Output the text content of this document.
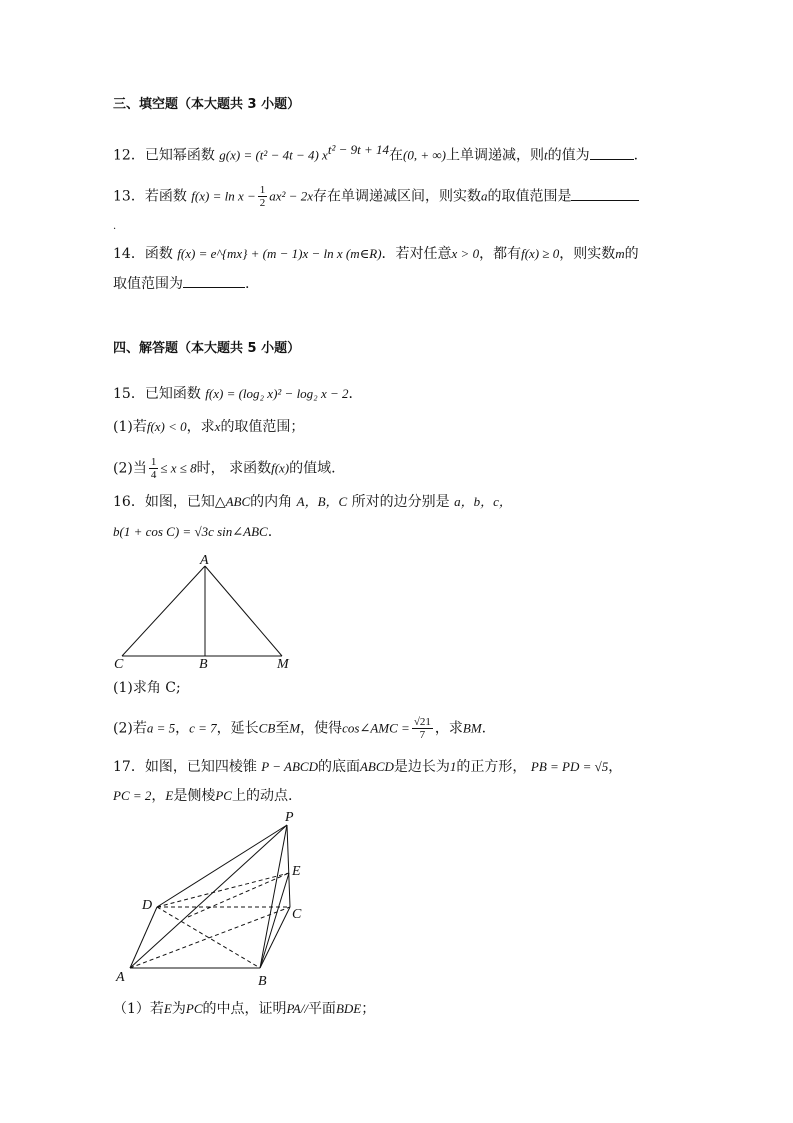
三、填空题（本大题共 3 小题）
12．已知幂函数 g(x) = (t² − 4t − 4) $x^{t^2 - 9t + 14}$在(0, + ∞)上单调递减，则t的值为	.
13．若函数 $f(x) = \ln x - \frac{1}{2} ax^2 - 2x$存在单调递减区间，则实数a的取值范围是
.
14．函数 f(x) = e^{mx} + (m − 1)x − ln x (m∈R)．若对任意x > 0，都有f(x) ≥ 0，则实数m的
取值范围为	.
四、解答题（本大题共 5 小题）
15．已知函数 f(x) = (log₂ x)² − log₂ x − 2．
(1)若f(x) < 0，求x的取值范围；
(2)当 $\frac{1}{4} \le x \le 8$时， 求函数f(x)的值域.
16．如图，已知△ABC的内角 A，B，C 所对的边分别是 a，b，c，
b(1 + cos C) = √3c sin∠ABC.
A
C	B	M
(1)求角 C;
(2)若a = 5，c = 7，延长CB至M，使得cos∠AMC = $\frac{√21}{7}$ ，求BM.
17．如图，已知四棱锥 P − ABCD的底面ABCD是边长为1的正方形， PB = PD = √5，
PC = 2，E是侧棱PC上的动点.
P
E
D
C
A	B
（1）若E为PC的中点，证明PA//平面BDE；
